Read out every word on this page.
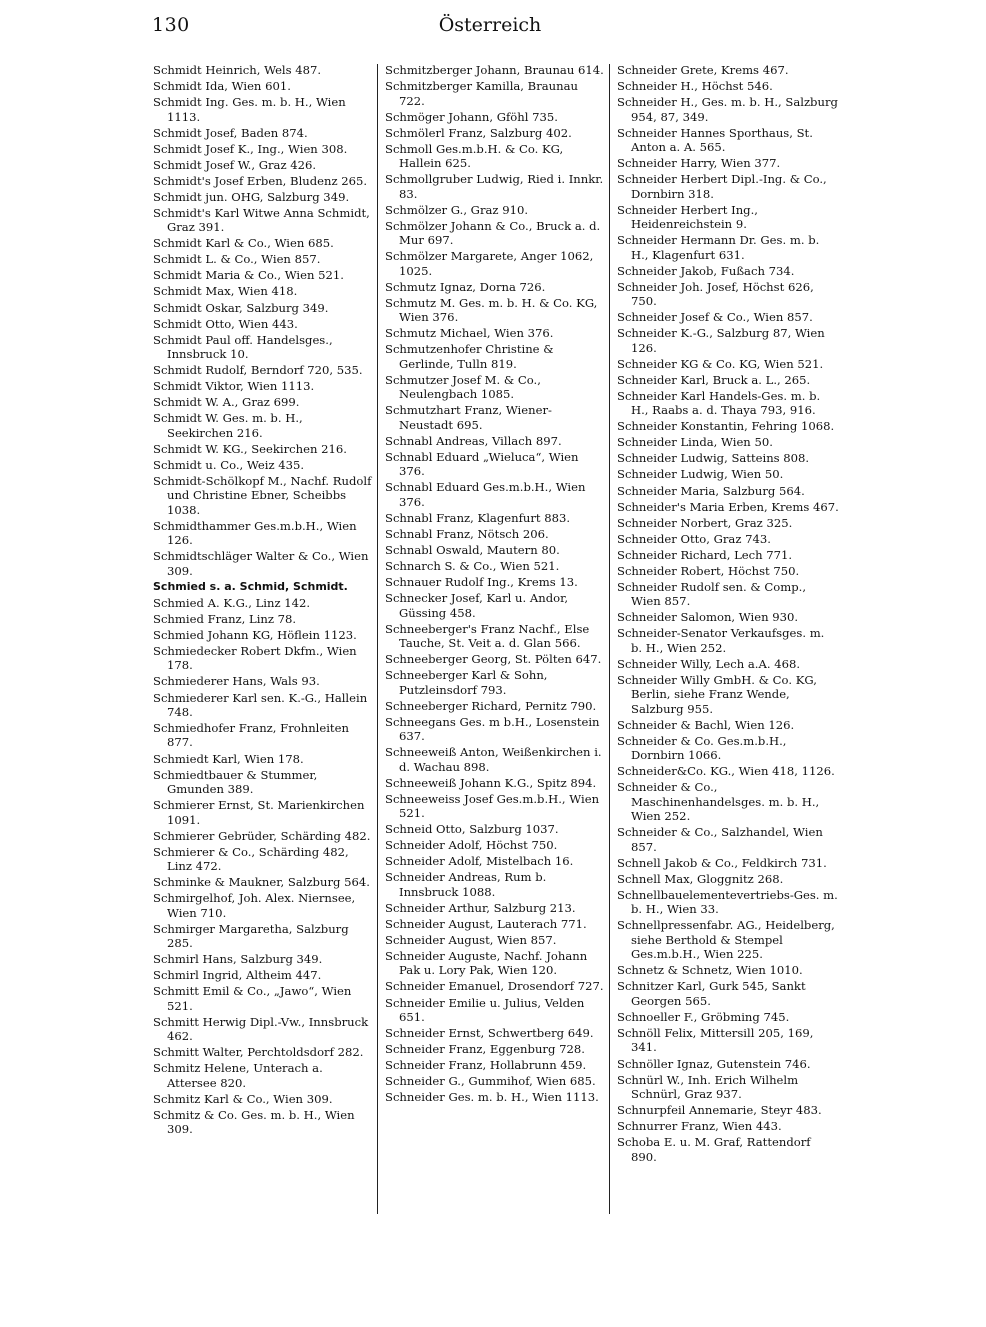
130	Österreich
Schmidt Heinrich, Wels 487.
Schmidt Ida, Wien 601.
Schmidt Ing. Ges. m. b. H., Wien 1113.
Schmidt Josef, Baden 874.
Schmidt Josef K., Ing., Wien 308.
Schmidt Josef W., Graz 426.
Schmidt's Josef Erben, Bludenz 265.
Schmidt jun. OHG, Salzburg 349.
Schmidt's Karl Witwe Anna Schmidt, Graz 391.
Schmidt Karl & Co., Wien 685.
Schmidt L. & Co., Wien 857.
Schmidt Maria & Co., Wien 521.
Schmidt Max, Wien 418.
Schmidt Oskar, Salzburg 349.
Schmidt Otto, Wien 443.
Schmidt Paul off. Handelsges., Innsbruck 10.
Schmidt Rudolf, Berndorf 720, 535.
Schmidt Viktor, Wien 1113.
Schmidt W. A., Graz 699.
Schmidt W. Ges. m. b. H., Seekirchen 216.
Schmidt W. KG., Seekirchen 216.
Schmidt u. Co., Weiz 435.
Schmidt-Schölkopf M., Nachf. Rudolf und Christine Ebner, Scheibbs 1038.
Schmidthammer Ges.m.b.H., Wien 126.
Schmidtschläger Walter & Co., Wien 309.
Schmied s. a. Schmid, Schmidt.
Schmied A. K.G., Linz 142.
Schmied Franz, Linz 78.
Schmied Johann KG, Höflein 1123.
Schmiedecker Robert Dkfm., Wien 178.
Schmiederer Hans, Wals 93.
Schmiederer Karl sen. K.-G., Hallein 748.
Schmiedhofer Franz, Frohnleiten 877.
Schmiedt Karl, Wien 178.
Schmiedtbauer & Stummer, Gmunden 389.
Schmierer Ernst, St. Marienkirchen 1091.
Schmierer Gebrüder, Schärding 482.
Schmierer & Co., Schärding 482, Linz 472.
Schminke & Maukner, Salzburg 564.
Schmirgelhof, Joh. Alex. Niernsee, Wien 710.
Schmirger Margaretha, Salzburg 285.
Schmirl Hans, Salzburg 349.
Schmirl Ingrid, Altheim 447.
Schmitt Emil & Co., „Jawo“, Wien 521.
Schmitt Herwig Dipl.-Vw., Innsbruck 462.
Schmitt Walter, Perchtoldsdorf 282.
Schmitz Helene, Unterach a. Attersee 820.
Schmitz Karl & Co., Wien 309.
Schmitz & Co. Ges. m. b. H., Wien 309.
Schmitzberger Johann, Braunau 614.
Schmitzberger Kamilla, Braunau 722.
Schmöger Johann, Gföhl 735.
Schmölerl Franz, Salzburg 402.
Schmoll Ges.m.b.H. & Co. KG, Hallein 625.
Schmollgruber Ludwig, Ried i. Innkr. 83.
Schmölzer G., Graz 910.
Schmölzer Johann & Co., Bruck a. d. Mur 697.
Schmölzer Margarete, Anger 1062, 1025.
Schmutz Ignaz, Dorna 726.
Schmutz M. Ges. m. b. H. & Co. KG, Wien 376.
Schmutz Michael, Wien 376.
Schmutzenhofer Christine & Gerlinde, Tulln 819.
Schmutzer Josef M. & Co., Neulengbach 1085.
Schmutzhart Franz, Wiener-Neustadt 695.
Schnabl Andreas, Villach 897.
Schnabl Eduard „Wieluca“, Wien 376.
Schnabl Eduard Ges.m.b.H., Wien 376.
Schnabl Franz, Klagenfurt 883.
Schnabl Franz, Nötsch 206.
Schnabl Oswald, Mautern 80.
Schnarch S. & Co., Wien 521.
Schnauer Rudolf Ing., Krems 13.
Schnecker Josef, Karl u. Andor, Güssing 458.
Schneeberger's Franz Nachf., Else Tauche, St. Veit a. d. Glan 566.
Schneeberger Georg, St. Pölten 647.
Schneeberger Karl & Sohn, Putzleinsdorf 793.
Schneeberger Richard, Pernitz 790.
Schneegans Ges. m b.H., Losenstein 637.
Schneeweiß Anton, Weißenkirchen i. d. Wachau 898.
Schneeweiß Johann K.G., Spitz 894.
Schneeweiss Josef Ges.m.b.H., Wien 521.
Schneid Otto, Salzburg 1037.
Schneider Adolf, Höchst 750.
Schneider Adolf, Mistelbach 16.
Schneider Andreas, Rum b. Innsbruck 1088.
Schneider Arthur, Salzburg 213.
Schneider August, Lauterach 771.
Schneider August, Wien 857.
Schneider Auguste, Nachf. Johann Pak u. Lory Pak, Wien 120.
Schneider Emanuel, Drosendorf 727.
Schneider Emilie u. Julius, Velden 651.
Schneider Ernst, Schwertberg 649.
Schneider Franz, Eggenburg 728.
Schneider Franz, Hollabrunn 459.
Schneider G., Gummihof, Wien 685.
Schneider Ges. m. b. H., Wien 1113.
Schneider Grete, Krems 467.
Schneider H., Höchst 546.
Schneider H., Ges. m. b. H., Salzburg 954, 87, 349.
Schneider Hannes Sporthaus, St. Anton a. A. 565.
Schneider Harry, Wien 377.
Schneider Herbert Dipl.-Ing. & Co., Dornbirn 318.
Schneider Herbert Ing., Heidenreichstein 9.
Schneider Hermann Dr. Ges. m. b. H., Klagenfurt 631.
Schneider Jakob, Fußach 734.
Schneider Joh. Josef, Höchst 626, 750.
Schneider Josef & Co., Wien 857.
Schneider K.-G., Salzburg 87, Wien 126.
Schneider KG & Co. KG, Wien 521.
Schneider Karl, Bruck a. L., 265.
Schneider Karl Handels-Ges. m. b. H., Raabs a. d. Thaya 793, 916.
Schneider Konstantin, Fehring 1068.
Schneider Linda, Wien 50.
Schneider Ludwig, Satteins 808.
Schneider Ludwig, Wien 50.
Schneider Maria, Salzburg 564.
Schneider's Maria Erben, Krems 467.
Schneider Norbert, Graz 325.
Schneider Otto, Graz 743.
Schneider Richard, Lech 771.
Schneider Robert, Höchst 750.
Schneider Rudolf sen. & Comp., Wien 857.
Schneider Salomon, Wien 930.
Schneider-Senator Verkaufsges. m. b. H., Wien 252.
Schneider Willy, Lech a.A. 468.
Schneider Willy GmbH. & Co. KG, Berlin, siehe Franz Wende, Salzburg 955.
Schneider & Bachl, Wien 126.
Schneider & Co. Ges.m.b.H., Dornbirn 1066.
Schneider&Co. KG., Wien 418, 1126.
Schneider & Co., Maschinenhandelsges. m. b. H., Wien 252.
Schneider & Co., Salzhandel, Wien 857.
Schnell Jakob & Co., Feldkirch 731.
Schnell Max, Gloggnitz 268.
Schnellbauelementevertriebs-Ges. m. b. H., Wien 33.
Schnellpressenfabr. AG., Heidelberg, siehe Berthold & Stempel Ges.m.b.H., Wien 225.
Schnetz & Schnetz, Wien 1010.
Schnitzer Karl, Gurk 545, Sankt Georgen 565.
Schnoeller F., Gröbming 745.
Schnöll Felix, Mittersill 205, 169, 341.
Schnöller Ignaz, Gutenstein 746.
Schnürl W., Inh. Erich Wilhelm Schnürl, Graz 937.
Schnurpfeil Annemarie, Steyr 483.
Schnurrer Franz, Wien 443.
Schoba E. u. M. Graf, Rattendorf 890.
